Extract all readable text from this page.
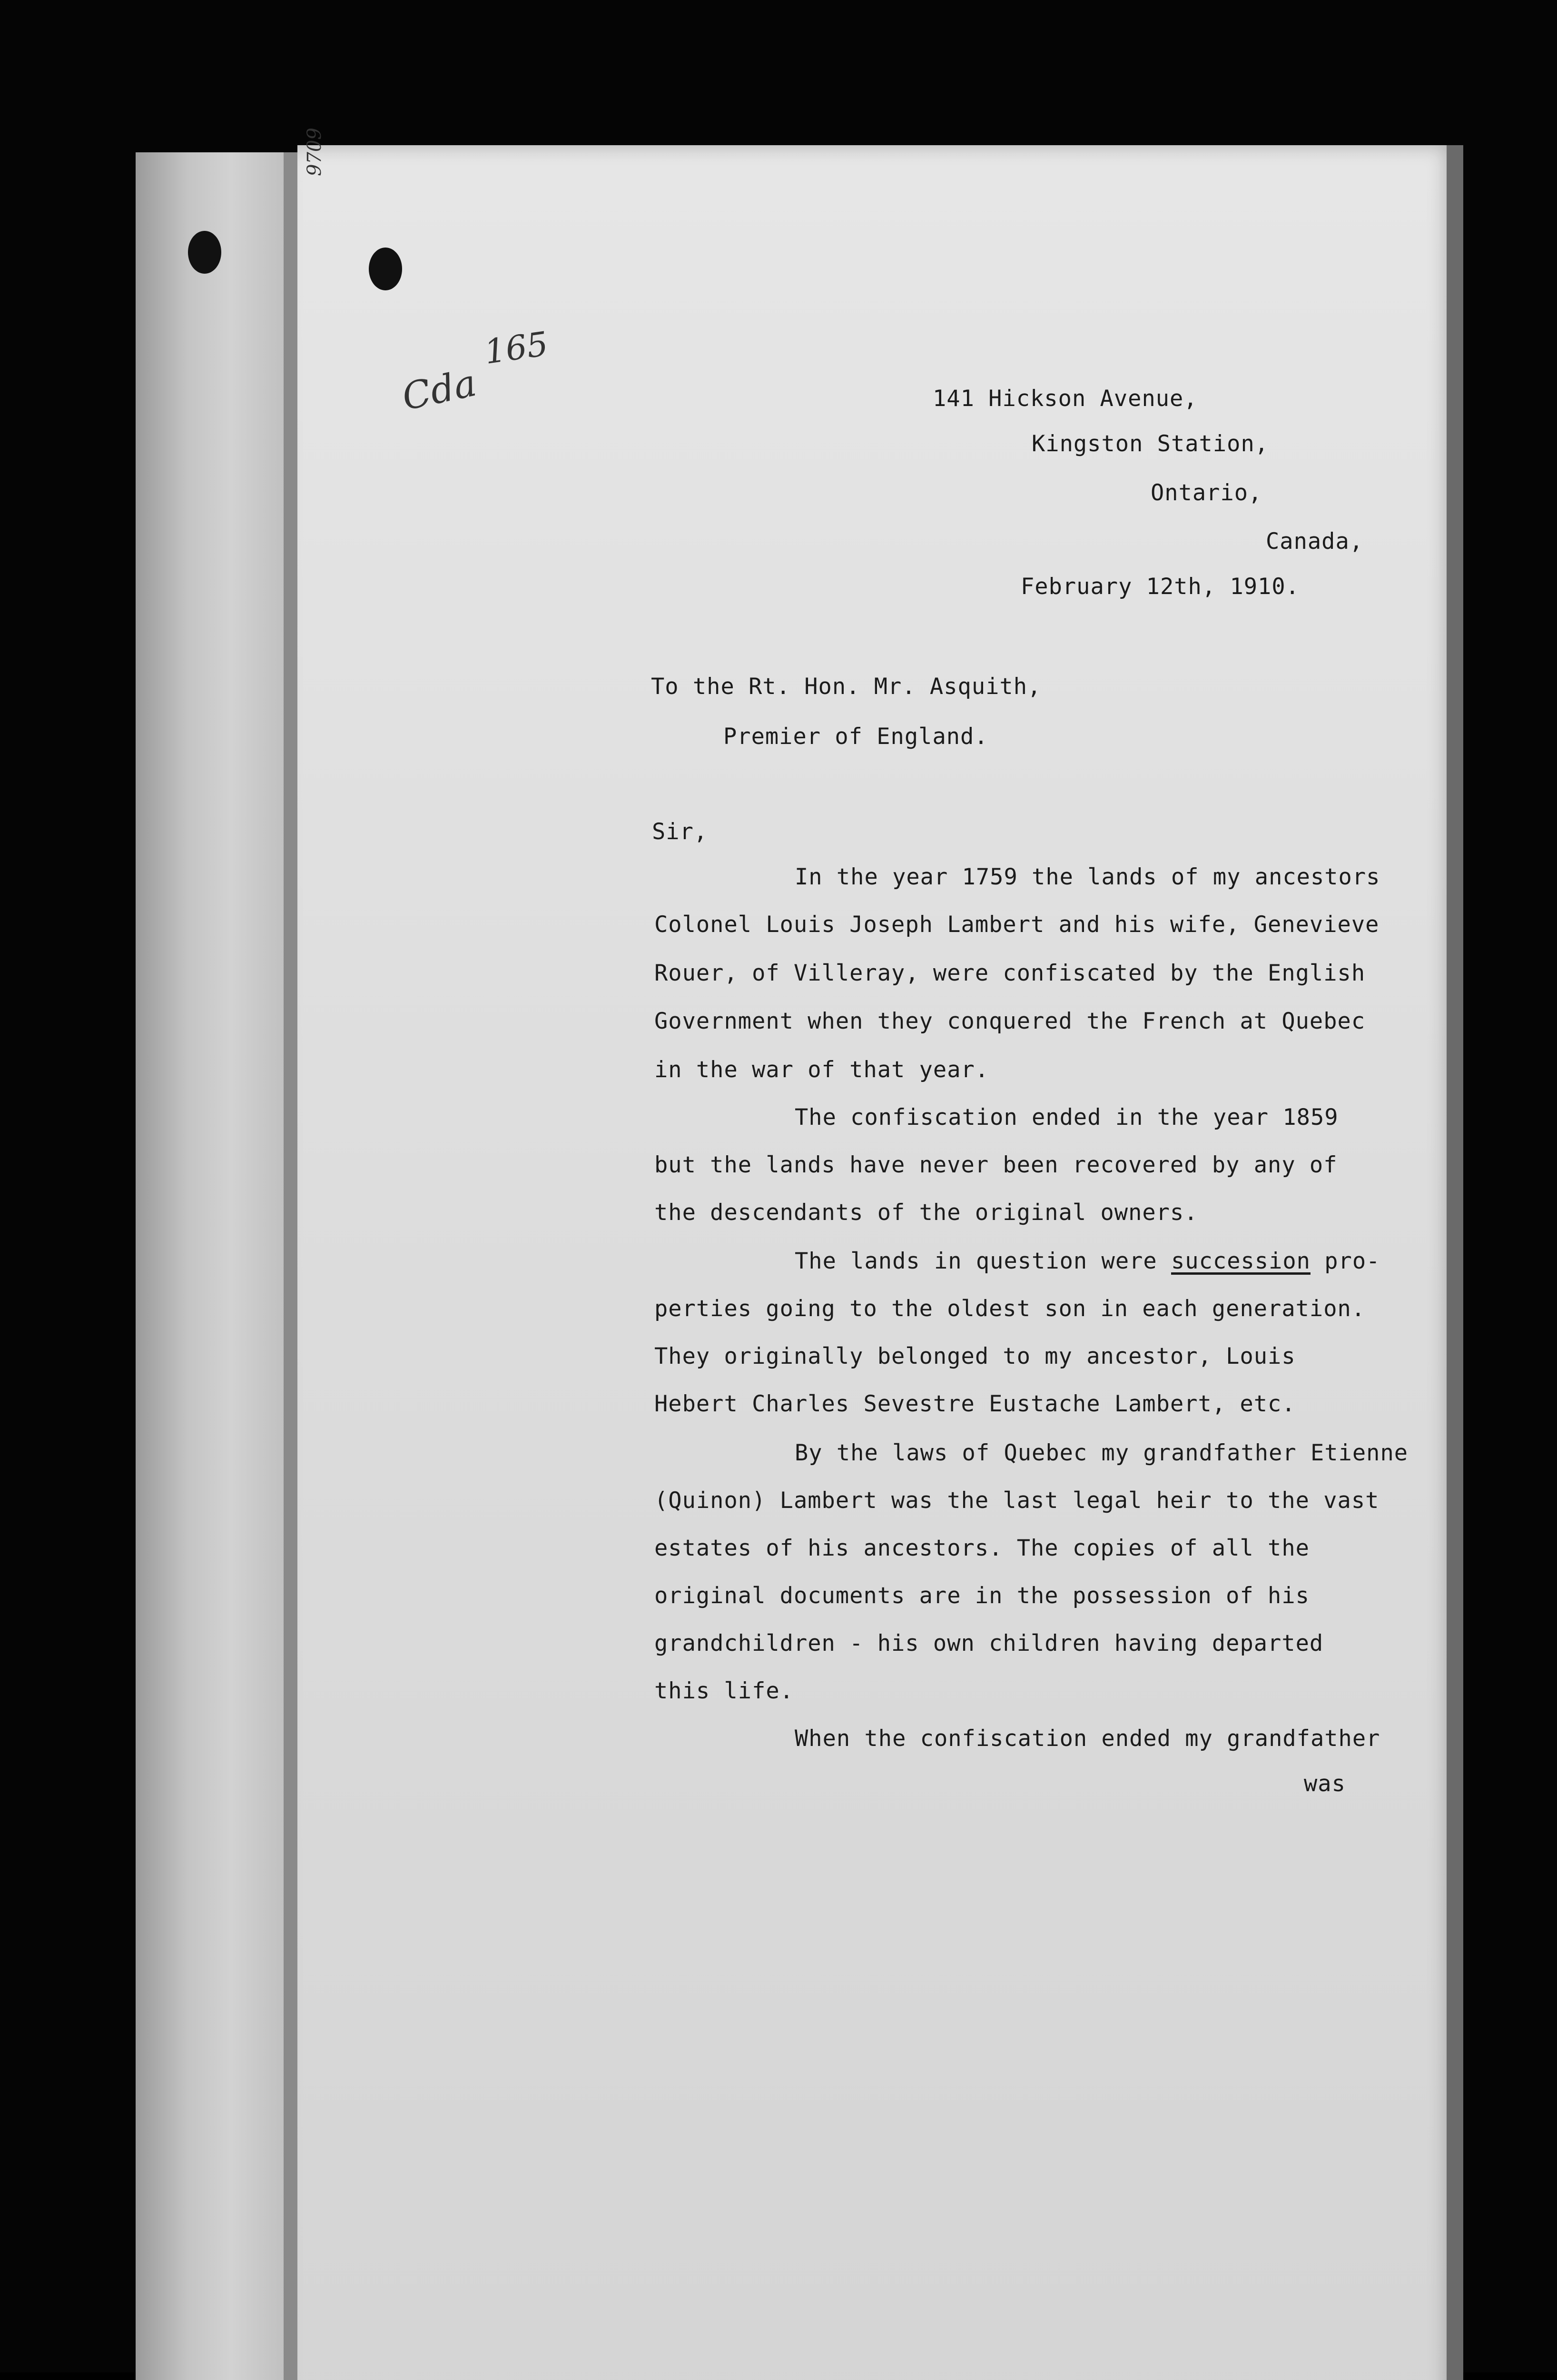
9709
Cda
165
141 Hickson Avenue,
Kingston Station,
Ontario,
Canada,
February 12th, 1910.
To the Rt. Hon. Mr. Asquith,
Premier of England.
Sir,
In the year 1759 the lands of my ancestors
Colonel Louis Joseph Lambert and his wife, Genevieve
Rouer, of Villeray, were confiscated by the English
Government when they conquered the French at Quebec
in the war of that year.
The confiscation ended in the year 1859
but the lands have never been recovered by any of
the descendants of the original owners.
The lands in question were succession pro-
perties going to the oldest son in each generation.
They originally belonged to my ancestor, Louis
Hebert Charles Sevestre Eustache Lambert, etc.
By the laws of Quebec my grandfather Etienne
(Quinon) Lambert was the last legal heir to the vast
estates of his ancestors. The copies of all the
original documents are in the possession of his
grandchildren - his own children having departed
this life.
When the confiscation ended my grandfather
was
